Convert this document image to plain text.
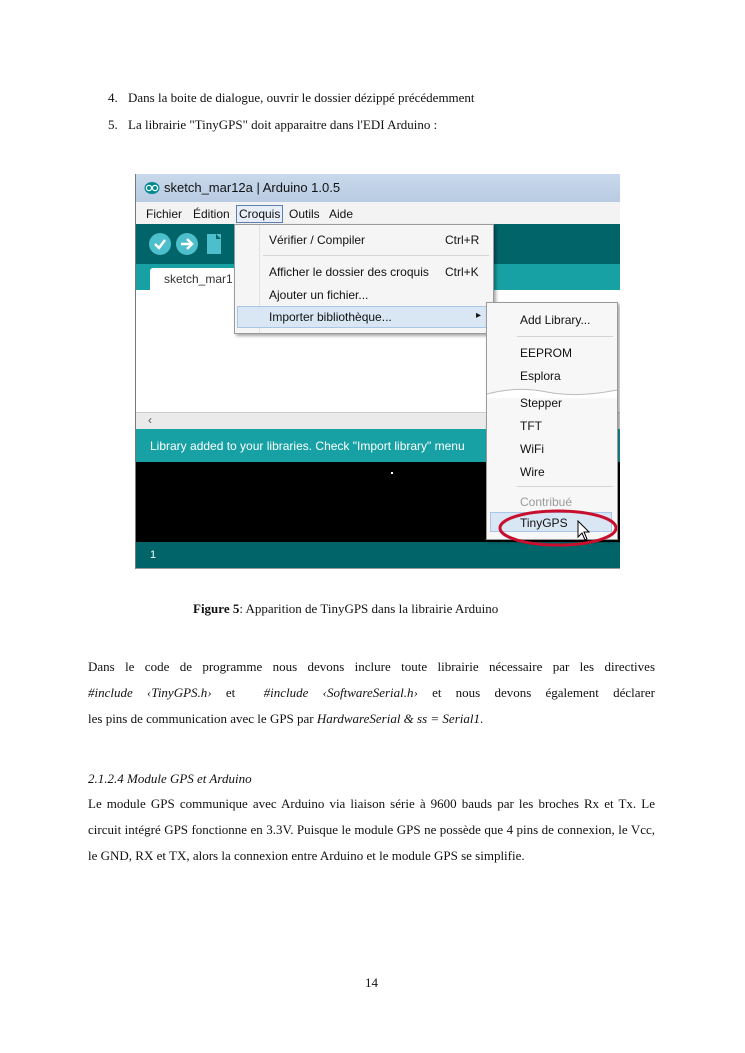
4. Dans la boite de dialogue, ouvrir le dossier dézippé précédemment
5. La librairie "TinyGPS" doit apparaitre dans l'EDI Arduino :
sketch_mar12a | Arduino 1.0.5
Fichier Édition Croquis Outils Aide
sketch_mar1
‹
Library added to your libraries. Check "Import library" menu
1
Vérifier / Compiler	Ctrl+R
Afficher le dossier des croquis Ctrl+K
Ajouter un fichier...
Importer bibliothèque...	▸	Add Library...
EEPROM
Esplora
Stepper
TFT
WiFi
Wire
Contribué
TinyGPS
Figure 5: Apparition de TinyGPS dans la librairie Arduino
Dans le code de programme nous devons inclure toute librairie nécessaire par les directives
#include ‹TinyGPS.h› et  #include ‹SoftwareSerial.h› et nous devons également déclarer
les pins de communication avec le GPS par HardwareSerial & ss = Serial1.
2.1.2.4 Module GPS et Arduino
Le module GPS communique avec Arduino via liaison série à 9600 bauds par les broches Rx et Tx. Le circuit intégré GPS fonctionne en 3.3V. Puisque le module GPS ne possède que 4 pins de connexion, le Vcc, le GND, RX et TX, alors la connexion entre Arduino et le module GPS se simplifie.
14
